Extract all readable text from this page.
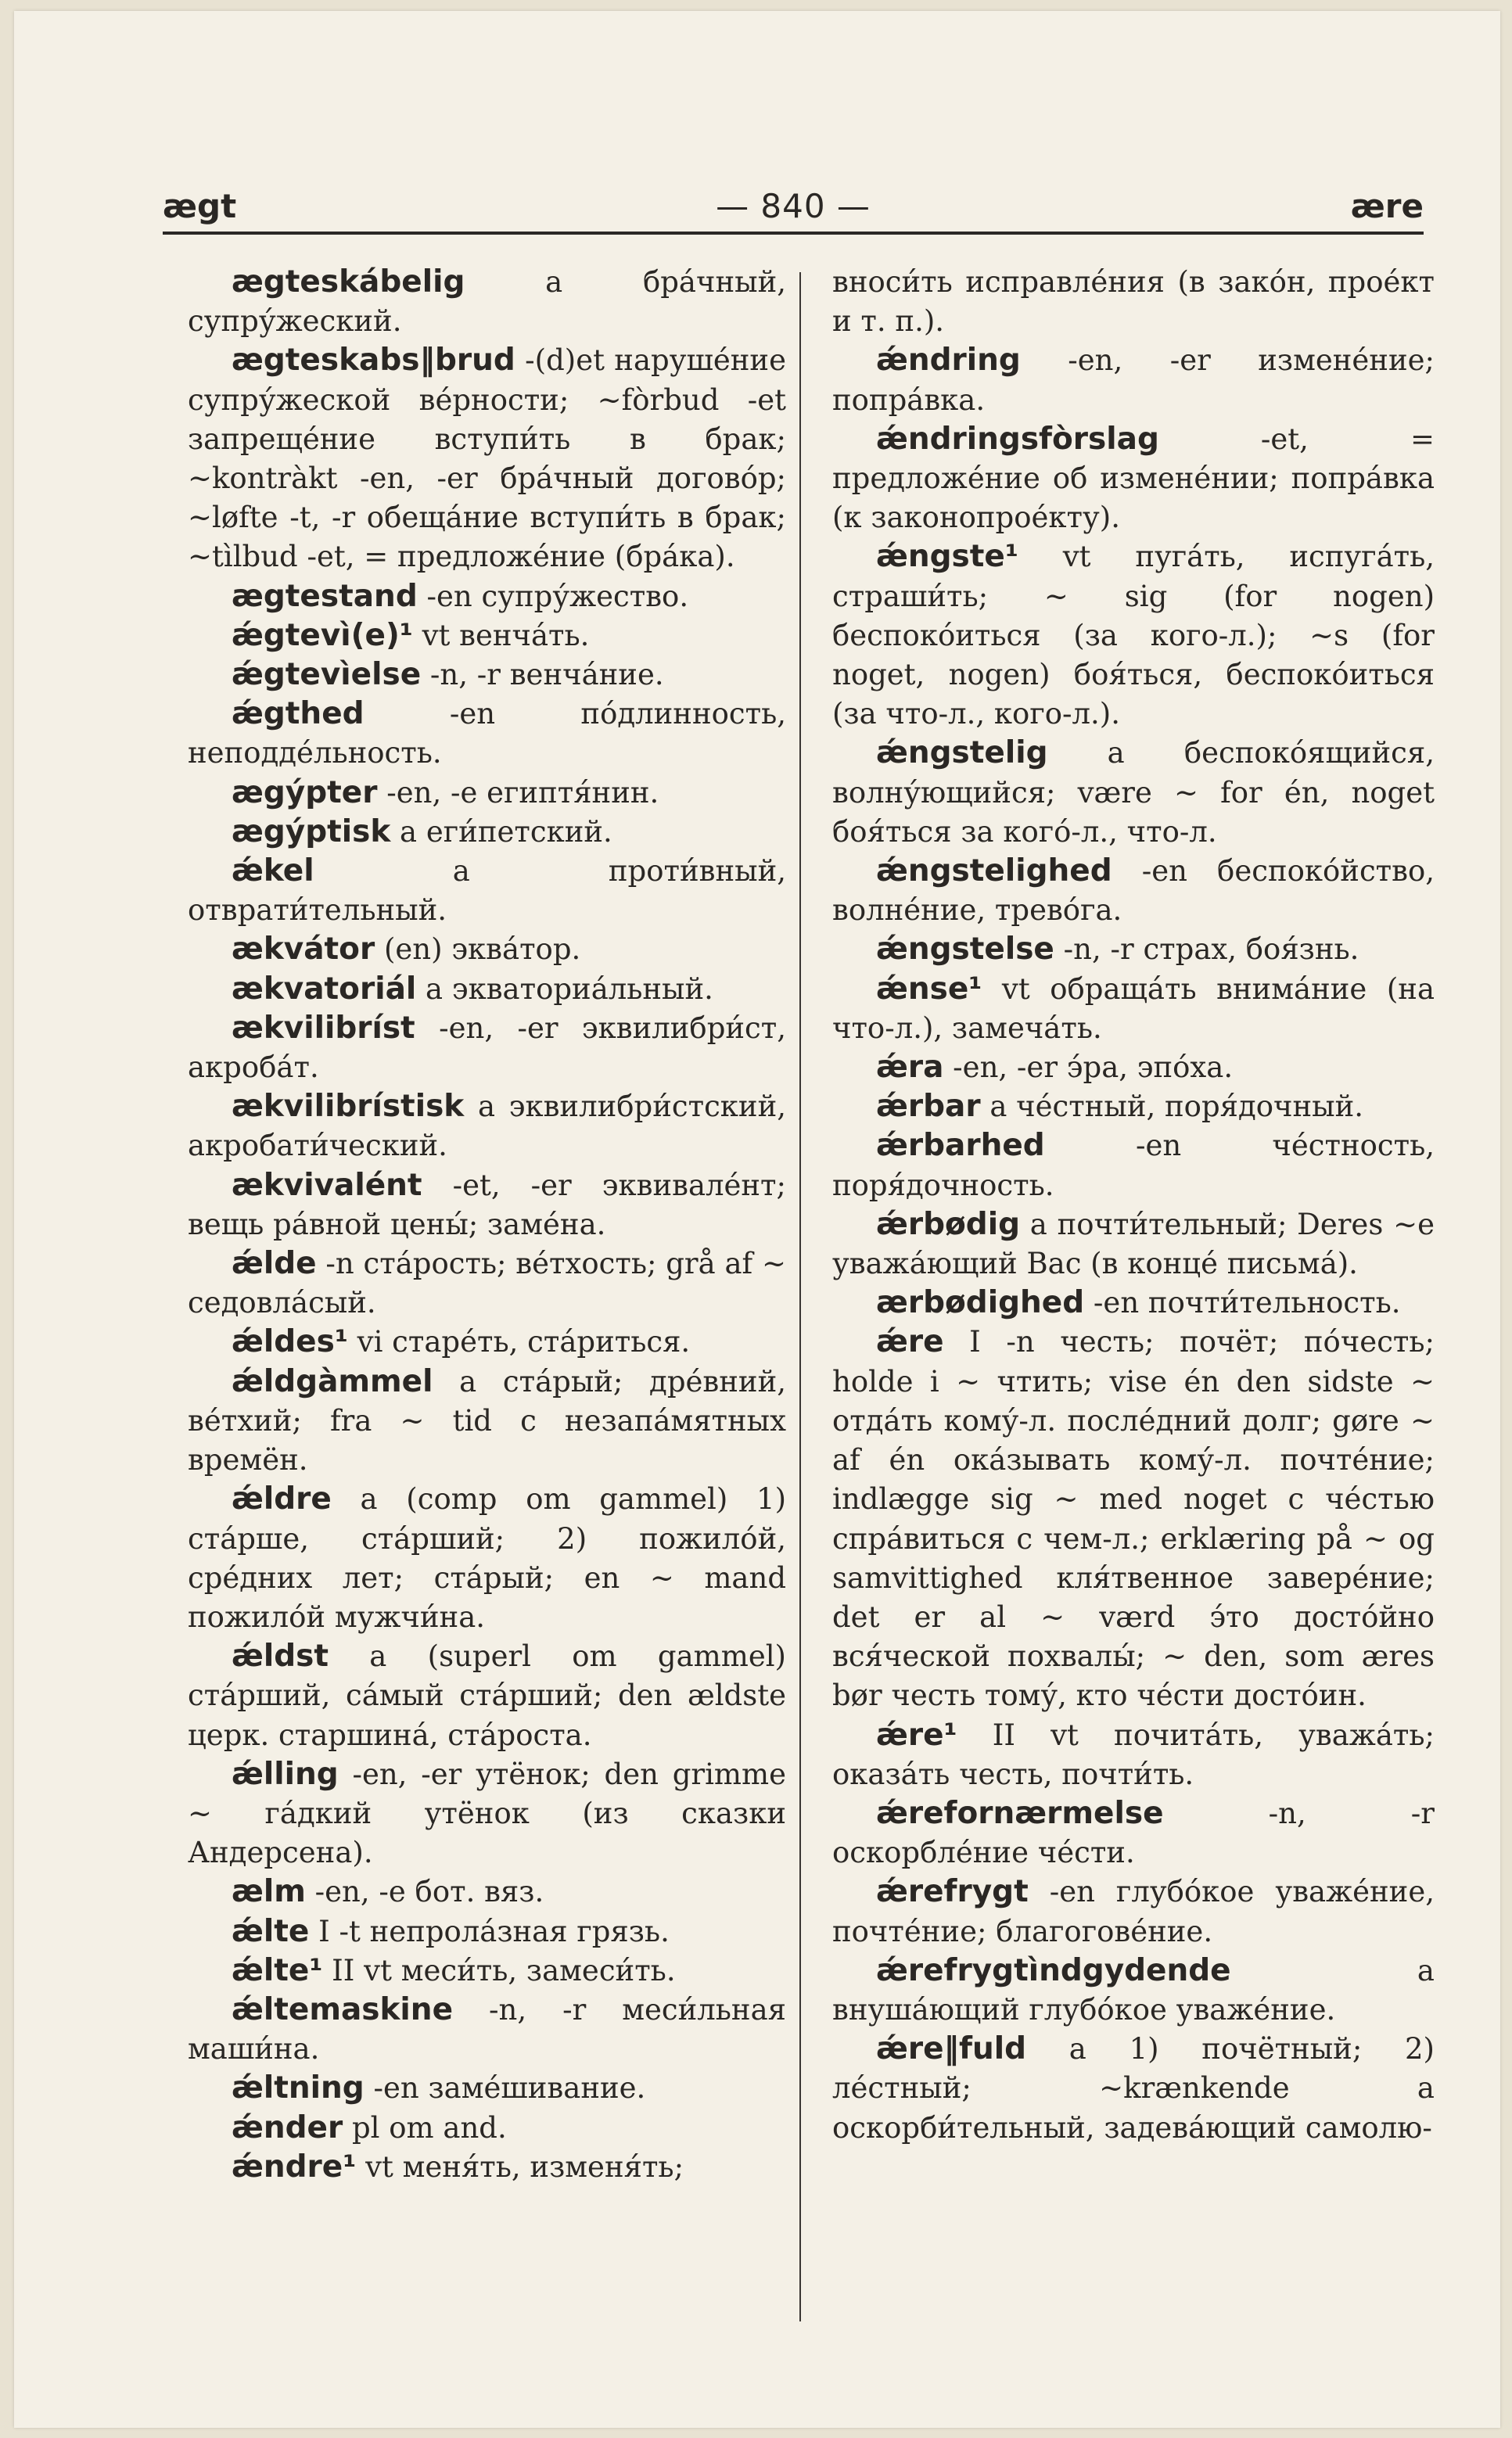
ægt	— 840 —	ære

ægteskábelig a бра́чный, супру́жеский.

ægteskabs‖brud -(d)et наруше́ние супру́жеской ве́рности; ~fòrbud -et запреще́ние вступи́ть в брак; ~kontràkt -en, -er бра́чный догово́р; ~løfte -t, -r обеща́ние вступи́ть в брак; ~tìlbud -et, = предложе́ние (бра́ка).

ægtestand -en супру́жество.

ǽgtevì(e)¹ vt венча́ть.

ǽgtevìelse -n, -r венча́ние.

ǽgthed -en по́длинность, неподде́льность.

ægýpter -en, -e египтя́нин.

ægýptisk a еги́петский.

ǽkel a проти́вный, отврати́тельный.

ækvátor (en) эква́тор.

ækvatoriál a экваториа́льный.

ækvilibríst -en, -er эквилибри́ст, акроба́т.

ækvilibrístisk a эквилибри́стский, акробати́ческий.

ækvivalént -et, -er эквивале́нт; вещь ра́вной цены́; заме́на.

ǽlde -n ста́рость; ве́тхость; grå af ~ седовла́сый.

ǽldes¹ vi старе́ть, ста́риться.

ǽldgàmmel a ста́рый; дре́вний, ве́тхий; fra ~ tid с незапа́мятных времён.

ǽldre a (comp om gammel) 1) ста́рше, ста́рший; 2) пожило́й, сре́дних лет; ста́рый; en ~ mand пожило́й мужчи́на.

ǽldst a (superl om gammel) ста́рший, са́мый ста́рший; den ældste церк. старшина́, ста́роста.

ǽlling -en, -er утёнок; den grimme ~ га́дкий утёнок (из сказки Андерсена).

ælm -en, -e бот. вяз.

ǽlte I -t непрола́зная грязь.

ǽlte¹ II vt меси́ть, замеси́ть.

ǽltemaskine -n, -r меси́льная маши́на.

ǽltning -en заме́шивание.

ǽnder pl om and.

ǽndre¹ vt меня́ть, изменя́ть;

вноси́ть исправле́ния (в зако́н, прое́кт и т. п.).

ǽndring -en, -er измене́ние; попра́вка.

ǽndringsfòrslag -et, = предложе́ние об измене́нии; попра́вка (к законопрое́кту).

ǽngste¹ vt пуга́ть, испуга́ть, страши́ть; ~ sig (for nogen) беспоко́иться (за кого-л.); ~s (for noget, nogen) боя́ться, беспоко́иться (за что-л., кого-л.).

ǽngstelig a беспоко́ящийся, волну́ющийся; være ~ for én, noget боя́ться за кого́-л., что-л.

ǽngstelighed -en беспоко́йство, волне́ние, трево́га.

ǽngstelse -n, -r страх, боя́знь.

ǽnse¹ vt обраща́ть внима́ние (на что-л.), замеча́ть.

ǽra -en, -er э́ра, эпо́ха.

ǽrbar a че́стный, поря́дочный.

ǽrbarhed -en че́стность, поря́дочность.

ǽrbødig a почти́тельный; Deres ~e уважа́ющий Вас (в конце́ письма́).

ærbødighed -en почти́тельность.

ǽre I -n честь; почёт; по́честь; holde i ~ чтить; vise én den sidste ~ отда́ть кому́-л. после́дний долг; gøre ~ af én ока́зывать кому́-л. почте́ние; indlægge sig ~ med noget с че́стью спра́виться с чем-л.; erklæring på ~ og samvittighed кля́твенное завере́ние; det er al ~ værd э́то досто́йно вся́ческой похвалы́; ~ den, som æres bør честь тому́, кто че́сти досто́ин.

ǽre¹ II vt почита́ть, уважа́ть; оказа́ть честь, почти́ть.

ǽrefornærmelse -n, -r оскорбле́ние че́сти.

ǽrefrygt -en глубо́кое уваже́ние, почте́ние; благогове́ние.

ǽrefrygtìndgydende a внуша́ющий глубо́кое уваже́ние.

ǽre‖fuld a 1) почётный; 2) ле́стный; ~krænkende a оскорби́тельный, задева́ющий самолю-
